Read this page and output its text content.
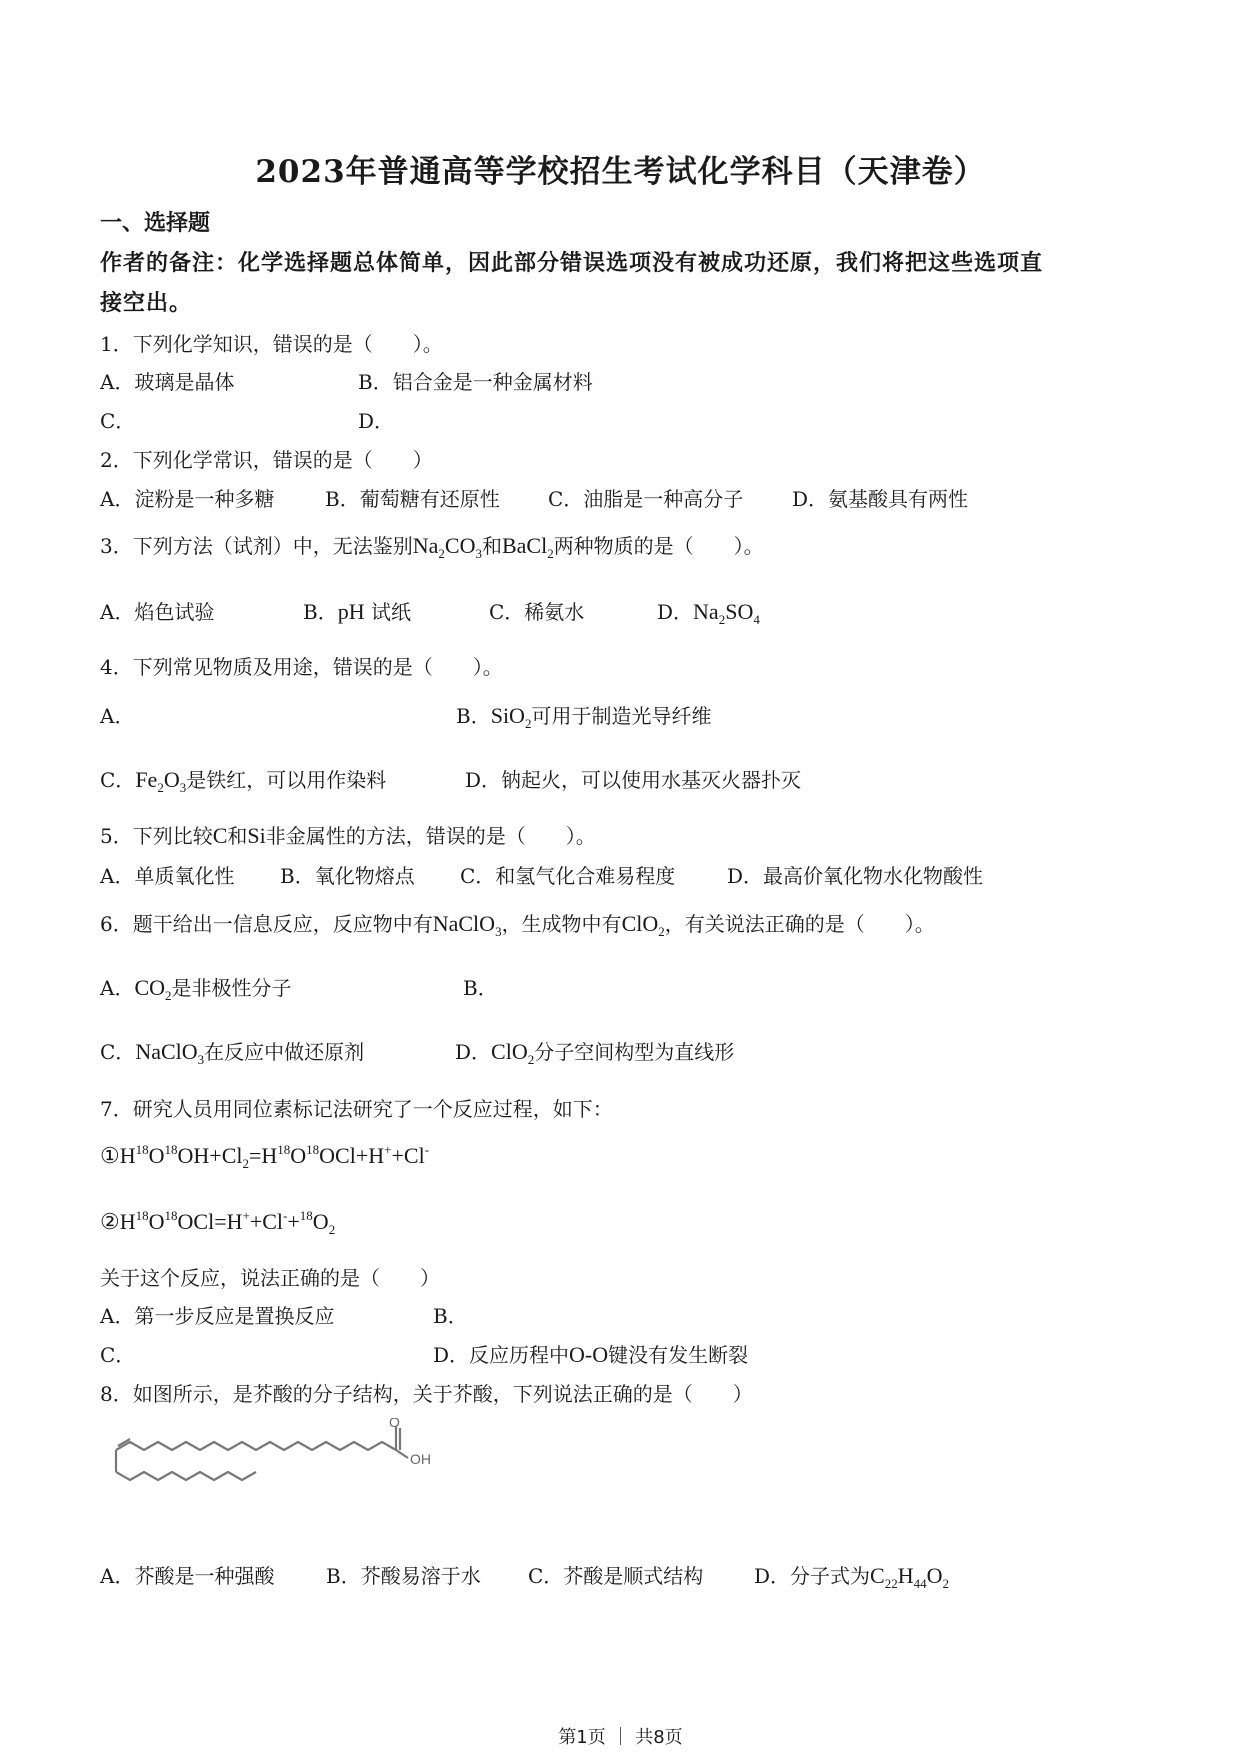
2023年普通高等学校招生考试化学科目（天津卷）
一、选择题
作者的备注：化学选择题总体简单，因此部分错误选项没有被成功还原，我们将把这些选项直
接空出。
1．下列化学知识，错误的是（　　）。
A．玻璃是晶体	B．铝合金是一种金属材料
C．	D．
2．下列化学常识，错误的是（　　）
A．淀粉是一种多糖	B．葡萄糖有还原性 C．油脂是一种高分子 D．氨基酸具有两性
3．下列方法（试剂）中，无法鉴别$Na_2CO_3$和BaCl$_2$两种物质的是（　　）。
A．焰色试验	B．pH 试纸	C．稀氨水	D．$Na_2SO_4$
4．下列常见物质及用途，错误的是（　　）。
A．	B．SiO$_2$可用于制造光导纤维
C．$Fe_2O_3$是铁红，可以用作染料	D．钠起火，可以使用水基灭火器扑灭
5．下列比较C和Si非金属性的方法，错误的是（　　）。
A．单质氧化性 B．氧化物熔点 C．和氢气化合难易程度	D．最高价氧化物水化物酸性
6．题干给出一信息反应，反应物中有NaClO$_3$，生成物中有ClO$_2$，有关说法正确的是（　　）。
A．$CO_2$是非极性分子	B．
C．NaClO$_3$在反应中做还原剂	D．ClO$_2$分子空间构型为直线形
7．研究人员用同位素标记法研究了一个反应过程，如下：
$①H^{18}O^{18}OH+Cl_2=H^{18}O^{18}OCl+H^++Cl^-$
$②H^{18}O^{18}OCl=H^++Cl^-+^{18}O_2$
关于这个反应，说法正确的是（　　）
A．第一步反应是置换反应	B．
C．	D．反应历程中O-O键没有发生断裂
8．如图所示，是芥酸的分子结构，关于芥酸，下列说法正确的是（　　）
O
OH
A．芥酸是一种强酸	B．芥酸易溶于水 C．芥酸是顺式结构	D．分子式为$C_{22}H_{44}O_2$
第1页 ｜ 共8页
